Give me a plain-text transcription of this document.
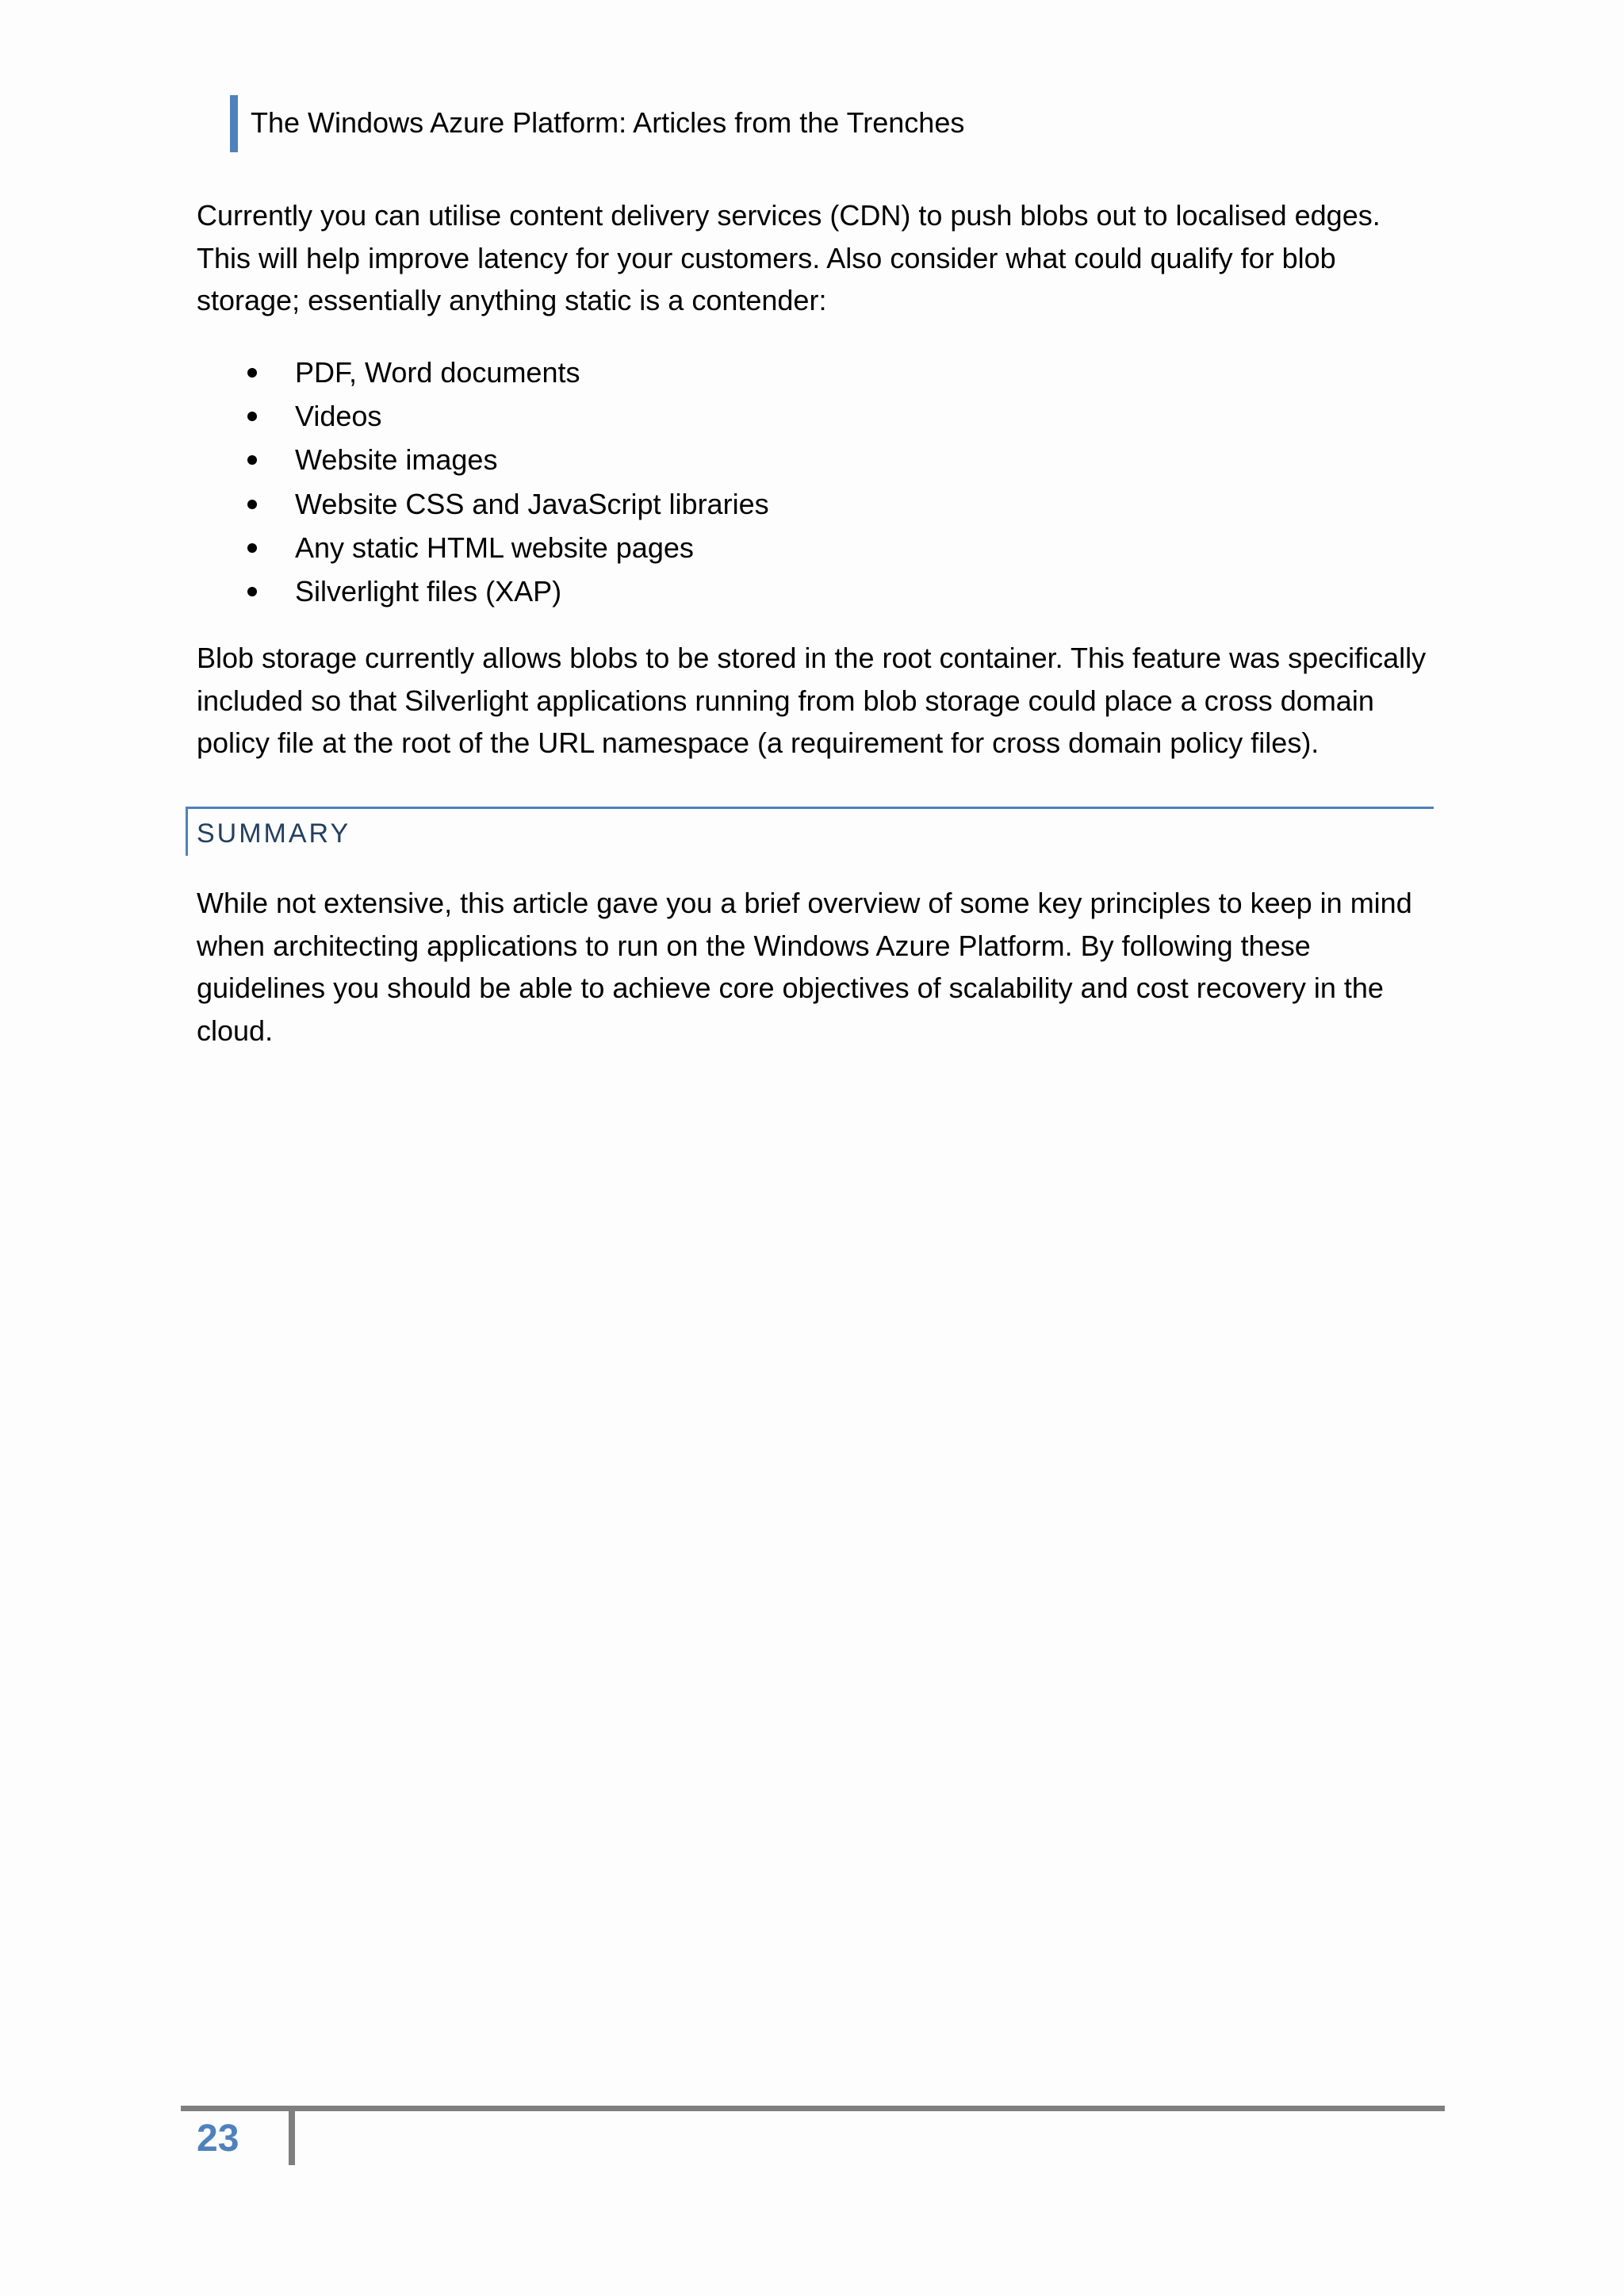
The Windows Azure Platform: Articles from the Trenches

Currently you can utilise content delivery services (CDN) to push blobs out to localised edges. This will help improve latency for your customers. Also consider what could qualify for blob storage; essentially anything static is a contender:

PDF, Word documents
Videos
Website images
Website CSS and JavaScript libraries
Any static HTML website pages
Silverlight files (XAP)

Blob storage currently allows blobs to be stored in the root container. This feature was specifically included so that Silverlight applications running from blob storage could place a cross domain policy file at the root of the URL namespace (a requirement for cross domain policy files).

SUMMARY

While not extensive, this article gave you a brief overview of some key principles to keep in mind when architecting applications to run on the Windows Azure Platform. By following these guidelines you should be able to achieve core objectives of scalability and cost recovery in the cloud.

23
